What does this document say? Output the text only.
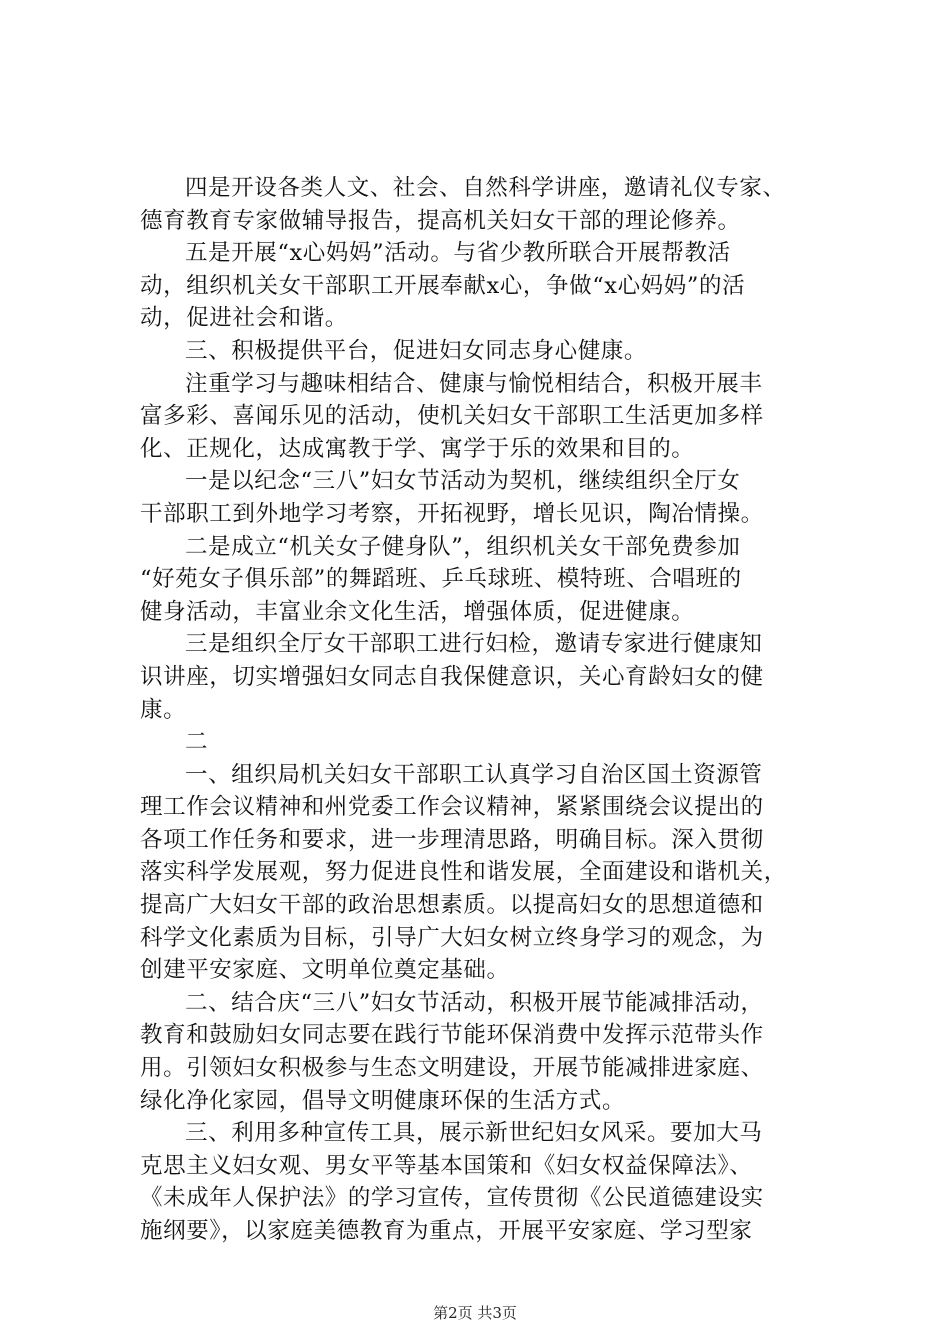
四是开设各类人文、社会、自然科学讲座，邀请礼仪专家、
德育教育专家做辅导报告，提高机关妇女干部的理论修养。
五是开展“x心妈妈”活动。与省少教所联合开展帮教活
动，组织机关女干部职工开展奉献x心，争做“x心妈妈”的活
动，促进社会和谐。
三、积极提供平台，促进妇女同志身心健康。
注重学习与趣味相结合、健康与愉悦相结合，积极开展丰
富多彩、喜闻乐见的活动，使机关妇女干部职工生活更加多样
化、正规化，达成寓教于学、寓学于乐的效果和目的。
一是以纪念“三八”妇女节活动为契机，继续组织全厅女
干部职工到外地学习考察，开拓视野，增长见识，陶冶情操。
二是成立“机关女子健身队”，组织机关女干部免费参加
“好苑女子俱乐部”的舞蹈班、乒乓球班、模特班、合唱班的
健身活动，丰富业余文化生活，增强体质，促进健康。
三是组织全厅女干部职工进行妇检，邀请专家进行健康知
识讲座，切实增强妇女同志自我保健意识，关心育龄妇女的健
康。
二
一、组织局机关妇女干部职工认真学习自治区国土资源管
理工作会议精神和州党委工作会议精神，紧紧围绕会议提出的
各项工作任务和要求，进一步理清思路，明确目标。深入贯彻
落实科学发展观，努力促进良性和谐发展，全面建设和谐机关，
提高广大妇女干部的政治思想素质。以提高妇女的思想道德和
科学文化素质为目标，引导广大妇女树立终身学习的观念，为
创建平安家庭、文明单位奠定基础。
二、结合庆“三八”妇女节活动，积极开展节能减排活动，
教育和鼓励妇女同志要在践行节能环保消费中发挥示范带头作
用。引领妇女积极参与生态文明建设，开展节能减排进家庭、
绿化净化家园，倡导文明健康环保的生活方式。
三、利用多种宣传工具，展示新世纪妇女风采。要加大马
克思主义妇女观、男女平等基本国策和《妇女权益保障法》、
《未成年人保护法》的学习宣传，宣传贯彻《公民道德建设实
施纲要》，以家庭美德教育为重点，开展平安家庭、学习型家
第2页 共3页
